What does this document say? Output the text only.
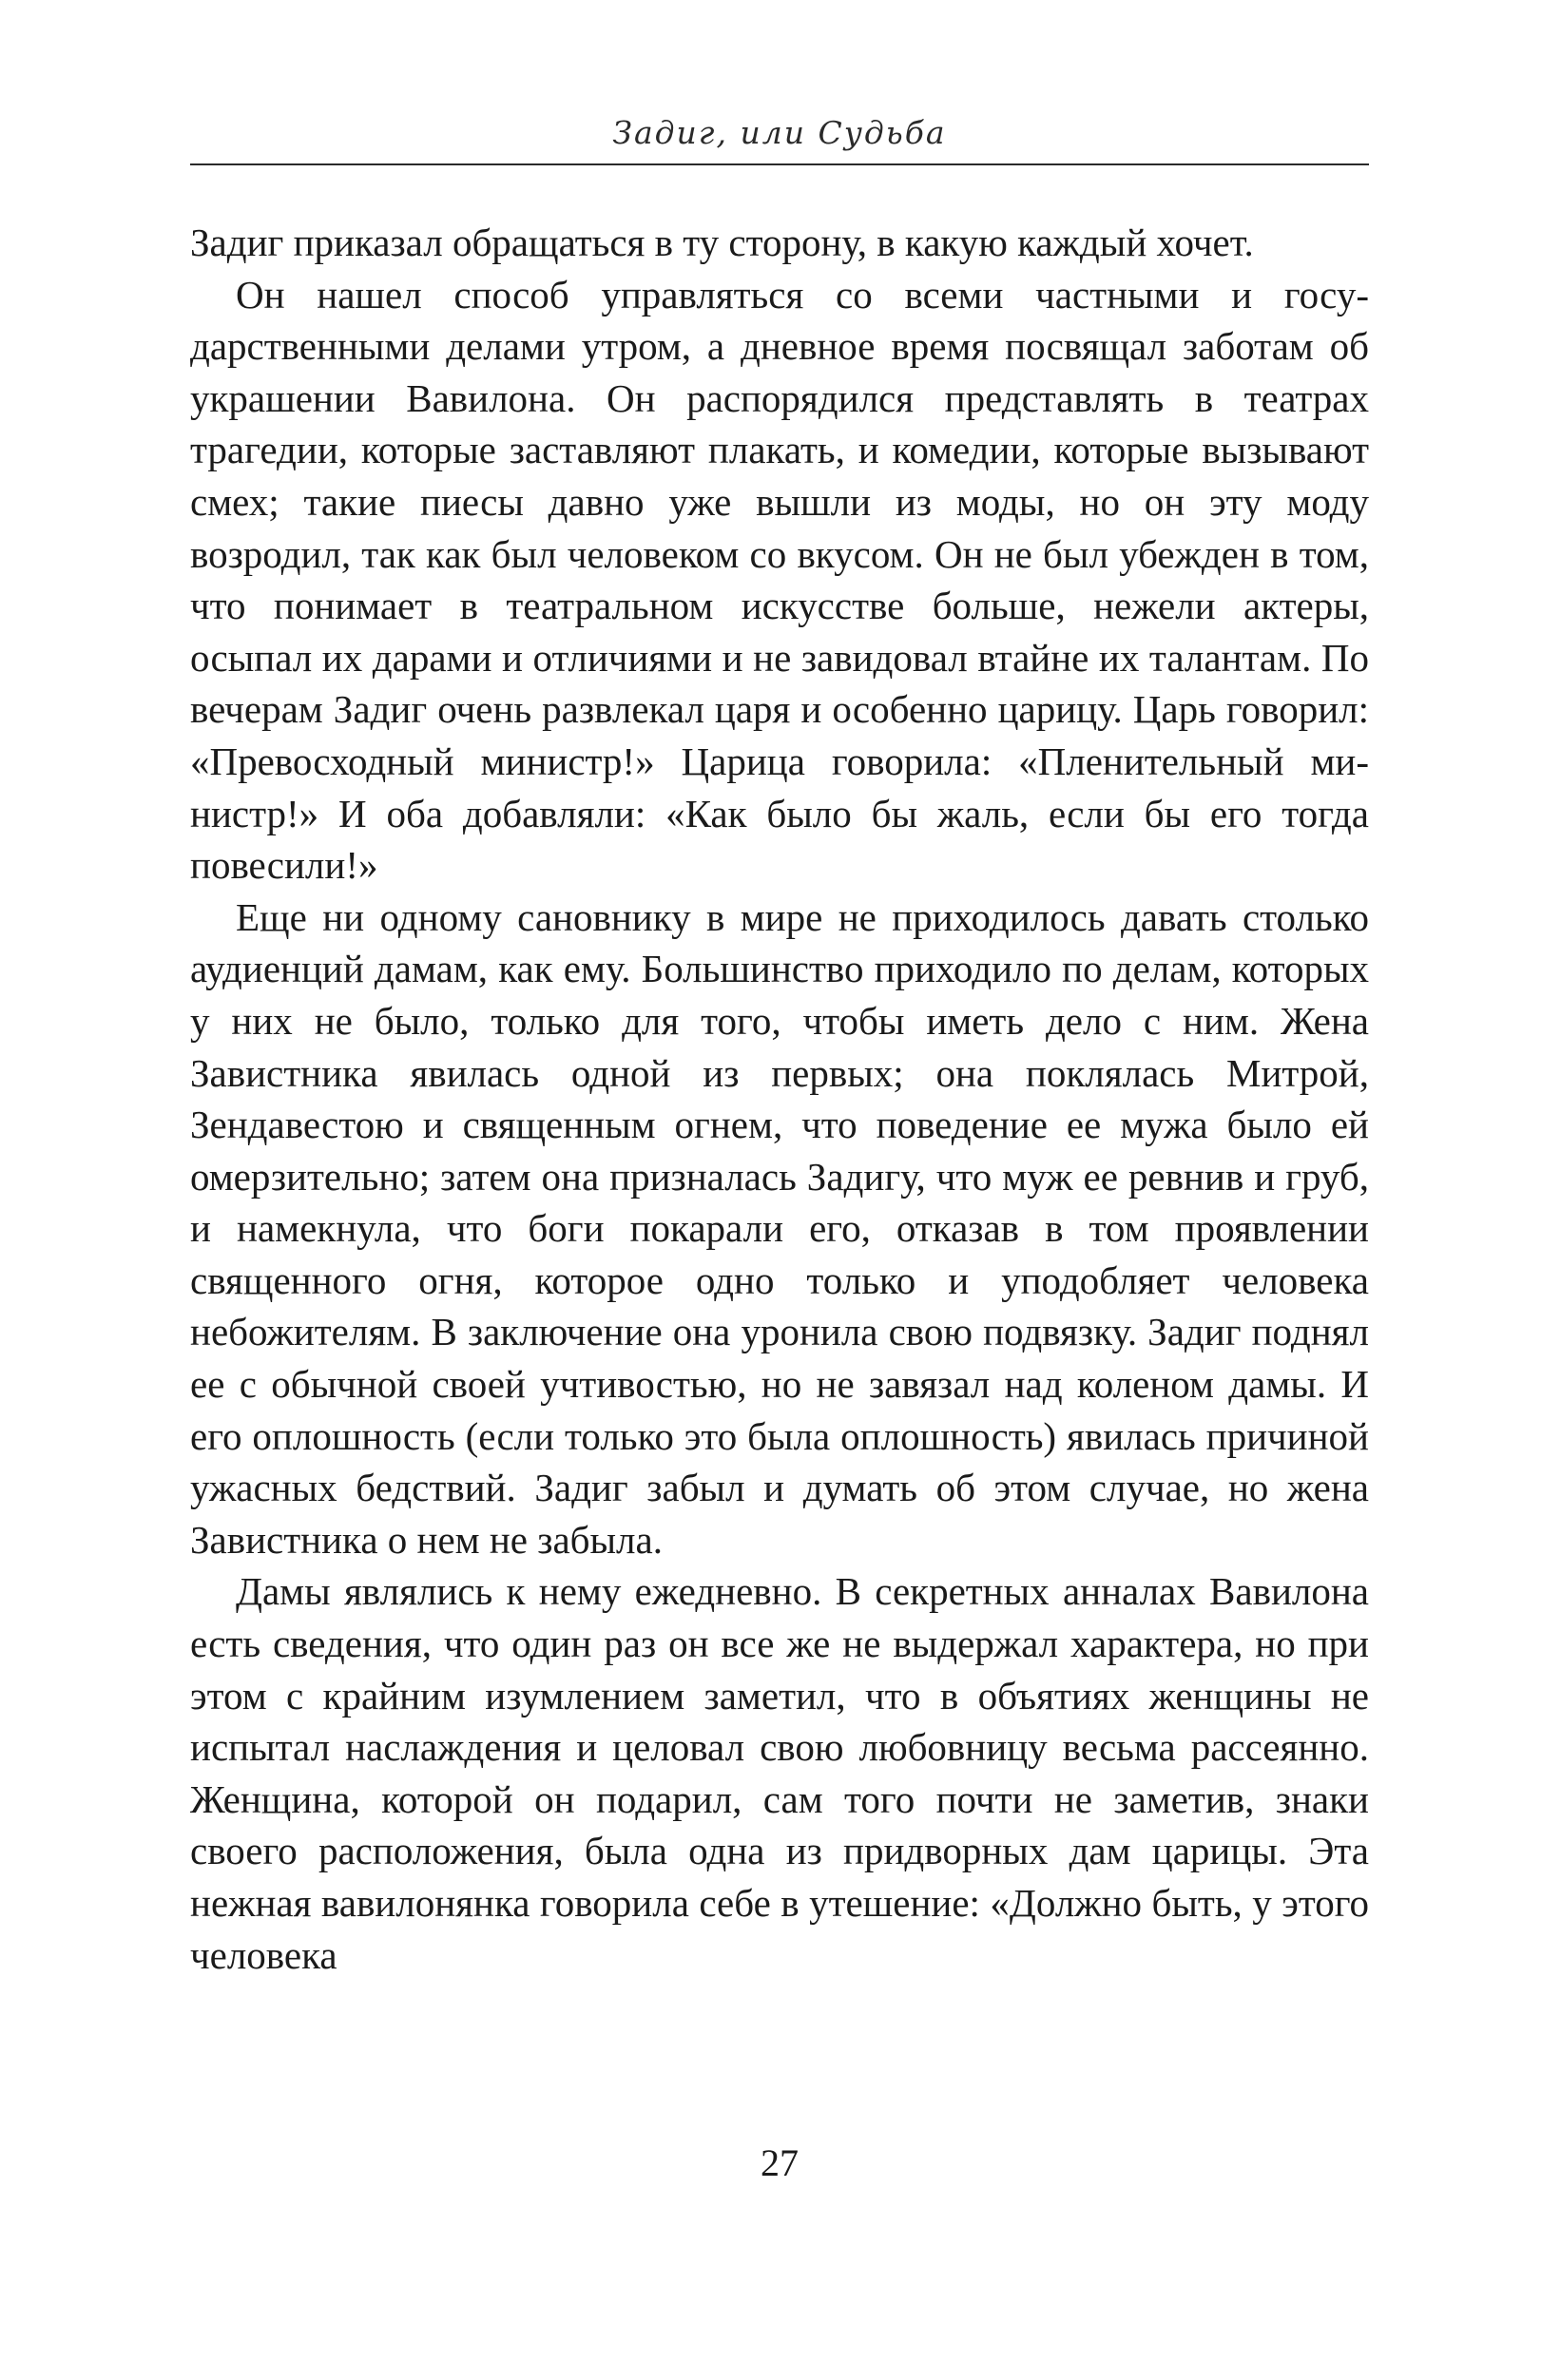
Задиг, или Судьба

Задиг приказал обращаться в ту сторону, в какую каждый хочет.

Он нашел способ управляться со всеми частными и государственными делами утром, а дневное время посвящал заботам об украшении Вавилона. Он распорядился представлять в театрах трагедии, которые заставляют плакать, и комедии, которые вызывают смех; такие пиесы давно уже вышли из моды, но он эту моду возродил, так как был человеком со вкусом. Он не был убежден в том, что понимает в театральном искусстве больше, нежели актеры, осыпал их дарами и отличиями и не завидовал втайне их талантам. По вечерам Задиг очень развлекал царя и особенно царицу. Царь говорил: «Превосходный министр!» Царица говорила: «Пленительный министр!» И оба добавляли: «Как было бы жаль, если бы его тогда повесили!»

Еще ни одному сановнику в мире не приходилось давать столько аудиенций дамам, как ему. Большинство приходило по делам, которых у них не было, только для того, чтобы иметь дело с ним. Жена Завистника явилась одной из первых; она поклялась Митрой, Зендавестою и священным огнем, что поведение ее мужа было ей омерзительно; затем она призналась Задигу, что муж ее ревнив и груб, и намекнула, что боги покарали его, отказав в том проявлении священного огня, которое одно только и уподобляет человека небожителям. В заключение она уронила свою подвязку. Задиг поднял ее с обычной своей учтивостью, но не завязал над коленом дамы. И его оплошность (если только это была оплошность) явилась причиной ужасных бедствий. Задиг забыл и думать об этом случае, но жена Завистника о нем не забыла.

Дамы являлись к нему ежедневно. В секретных анналах Вавилона есть сведения, что один раз он все же не выдержал характера, но при этом с крайним изумлением заметил, что в объятиях женщины не испытал наслаждения и целовал свою любовницу весьма рассеянно. Женщина, которой он подарил, сам того почти не заметив, знаки своего расположения, была одна из придворных дам царицы. Эта нежная вавилонянка говорила себе в утешение: «Должно быть, у этого человека

27
